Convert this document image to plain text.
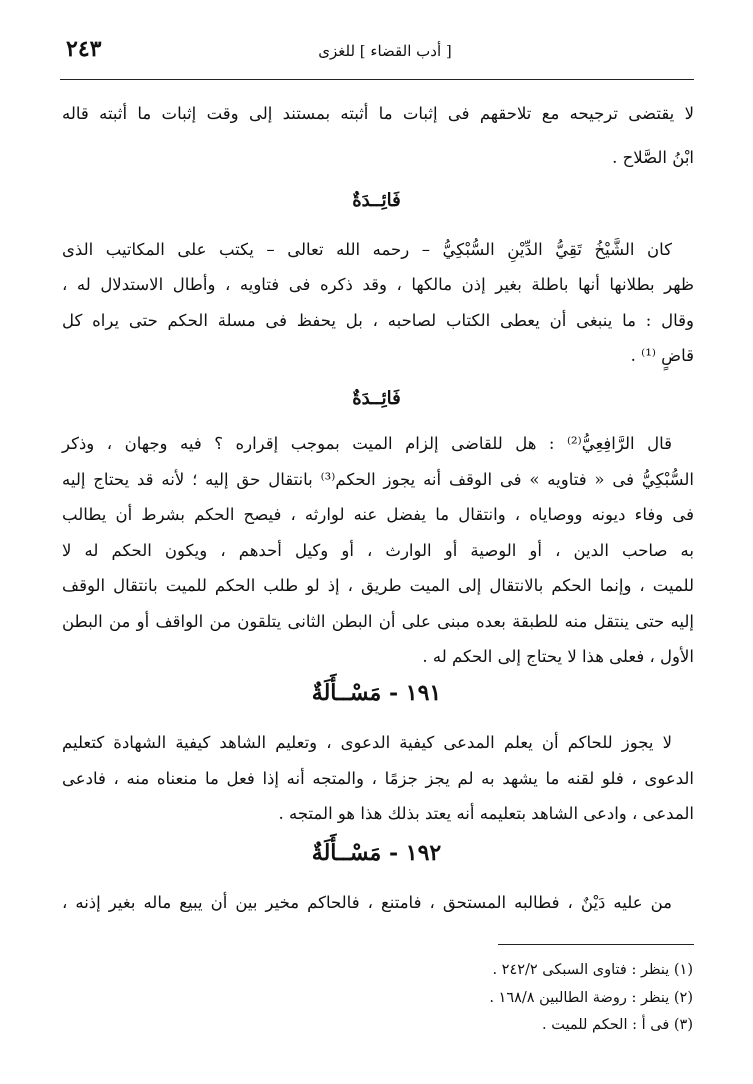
٢٤٣	[ أدب القضاء ] للغزى
لا يقتضى ترجيحه مع تلاحقهم فى إثبات ما أثبته بمستند إلى وقت إثبات ما أثبته قاله
ابْنُ الصَّلاح .
فَائِــدَةٌ
كان الشَّيْخُ تَقِيُّ الدِّيْنِ السُّبْكِيُّ – رحمه الله تعالى – يكتب على المكاتيب الذى
ظهر بطلانها أنها باطلة بغير إذن مالكها ، وقد ذكره فى فتاويه ، وأطال الاستدلال له ،
وقال : ما ينبغى أن يعطى الكتاب لصاحبه ، بل يحفظ فى مسلة الحكم حتى يراه كل
قاضٍ ⁽¹⁾ .
فَائِــدَةٌ
قال الرَّافِعِيُّ⁽²⁾ : هل للقاضى إلزام الميت بموجب إقراره ؟ فيه وجهان ، وذكر
السُّبْكِيُّ فى « فتاويه » فى الوقف أنه يجوز الحكم⁽³⁾ بانتقال حق إليه ؛ لأنه قد يحتاج إليه
فى وفاء ديونه ووصاياه ، وانتقال ما يفضل عنه لوارثه ، فيصح الحكم بشرط أن يطالب
به صاحب الدين ، أو الوصية أو الوارث ، أو وكيل أحدهم ، ويكون الحكم له لا
للميت ، وإنما الحكم بالانتقال إلى الميت طريق ، إذ لو طلب الحكم للميت بانتقال الوقف
إليه حتى ينتقل منه للطبقة بعده مبنى على أن البطن الثانى يتلقون من الواقف أو من البطن
الأول ، فعلى هذا لا يحتاج إلى الحكم له .
١٩١ - مَسْــأَلَةٌ
لا يجوز للحاكم أن يعلم المدعى كيفية الدعوى ، وتعليم الشاهد كيفية الشهادة كتعليم
الدعوى ، فلو لقنه ما يشهد به لم يجز جزمًا ، والمتجه أنه إذا فعل ما منعناه منه ، فادعى
المدعى ، وادعى الشاهد بتعليمه أنه يعتد بذلك هذا هو المتجه .
١٩٢ - مَسْــأَلَةٌ
من عليه دَيْنٌ ، فطالبه المستحق ، فامتنع ، فالحاكم مخير بين أن يبيع ماله بغير إذنه ،
(١) ينظر : فتاوى السبكى ٢٤٢/٢ .
(٢) ينظر : روضة الطالبين ١٦٨/٨ .
(٣) فى أ : الحكم للميت .
